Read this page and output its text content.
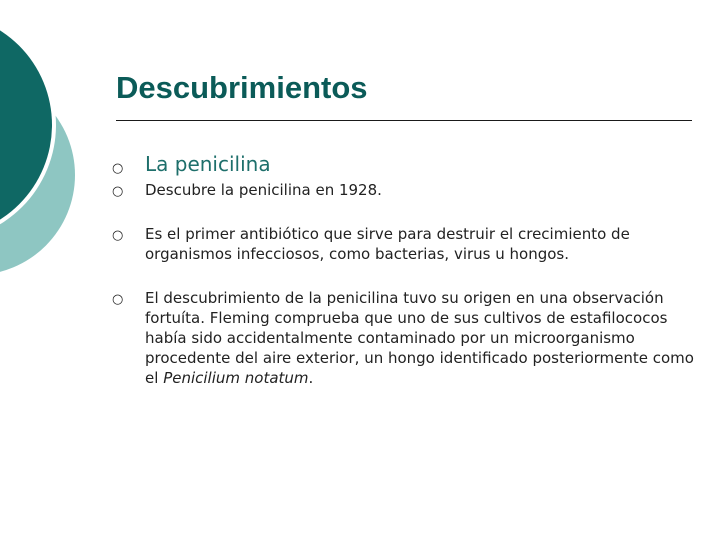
Descubrimientos
○ La penicilina
○ Descubre la penicilina en 1928.
○ Es el primer antibiótico que sirve para destruir el crecimiento de organismos infecciosos, como bacterias, virus u hongos.
○ El descubrimiento de la penicilina tuvo su origen en una observación fortuíta. Fleming comprueba que uno de sus cultivos de estafilococos había sido accidentalmente contaminado por un microorganismo procedente del aire exterior, un hongo identificado posteriormente como el Penicilium notatum.
